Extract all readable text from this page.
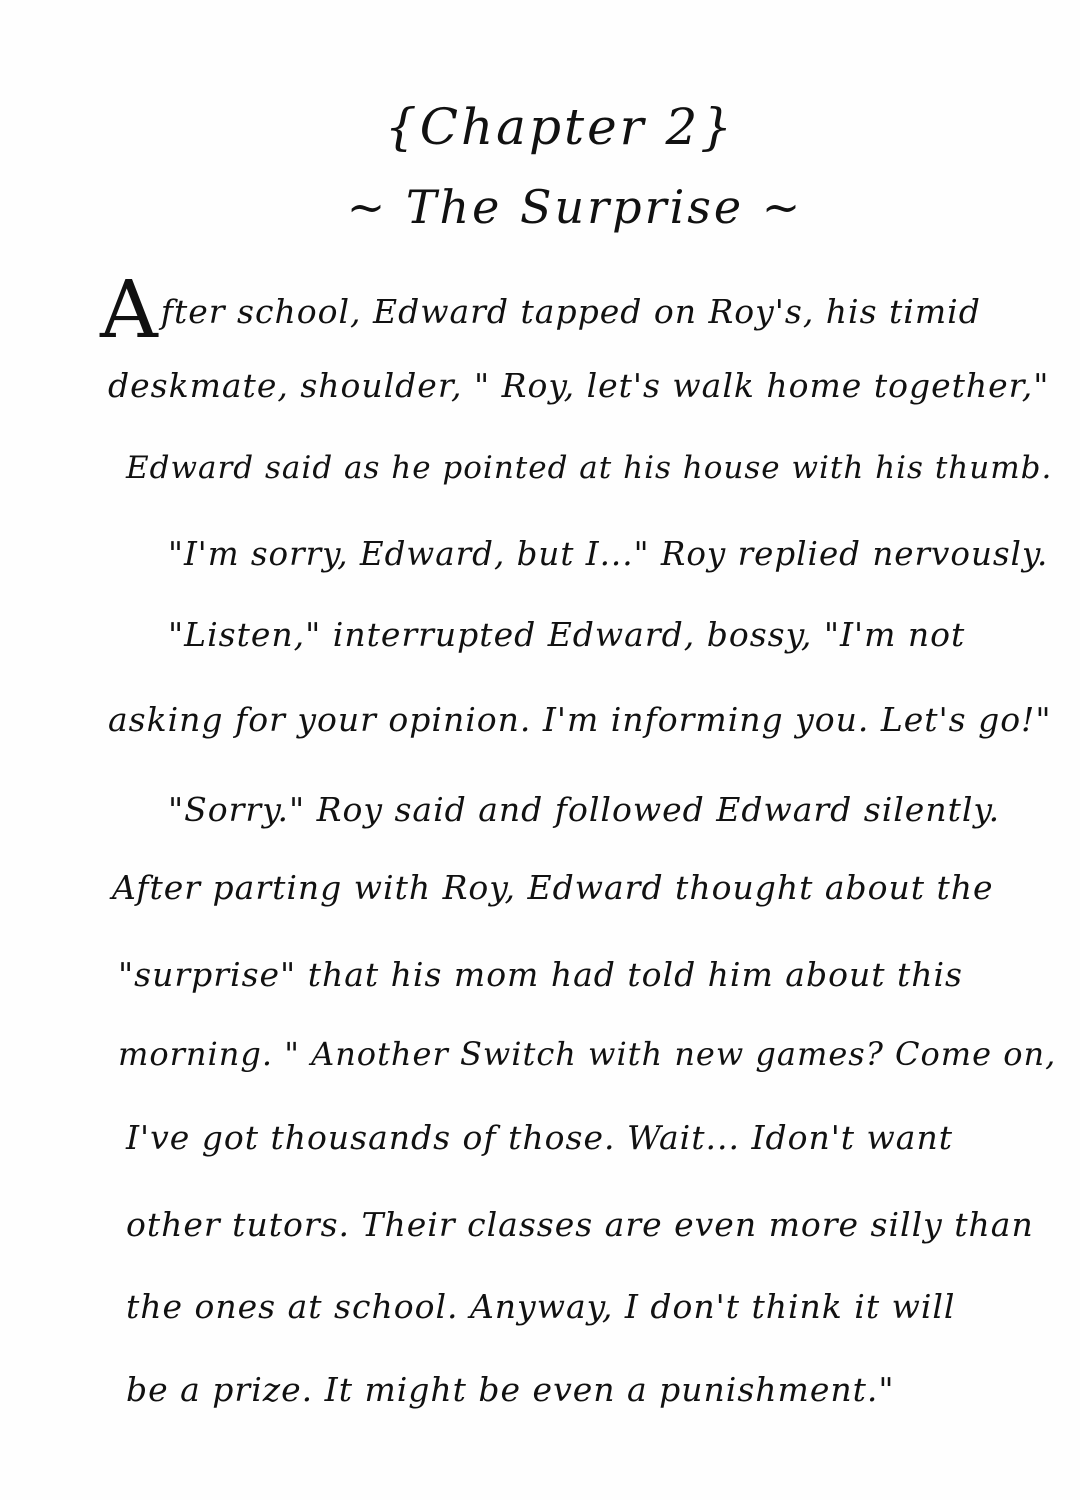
{Chapter 2}
~ The Surprise ~
After school, Edward tapped on Roy's, his timid
deskmate, shoulder, " Roy, let's walk home together,"
Edward said as he pointed at his house with his thumb.
"I'm sorry, Edward, but I..." Roy replied nervously.
"Listen," interrupted Edward, bossy, "I'm not
asking for your opinion. I'm informing you. Let's go!"
"Sorry." Roy said and followed Edward silently.
After parting with Roy, Edward thought about the
"surprise" that his mom had told him about this
morning. " Another Switch with new games? Come on,
I've got thousands of those. Wait... Idon't want
other tutors. Their classes are even more silly than
the ones at school. Anyway, I don't think it will
be a prize. It might be even a punishment."
